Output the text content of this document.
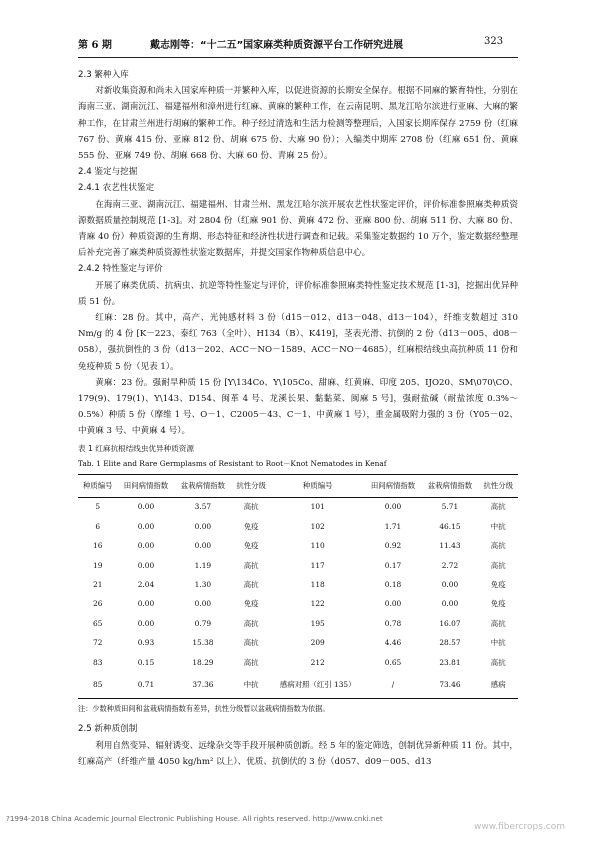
第 6 期	戴志刚等：“十二五”国家麻类种质资源平台工作研究进展	323

2.3 繁种入库

对新收集资源和尚未入国家库种质一并繁种入库，以促进资源的长期安全保存。根据不同麻的繁育特性，分别在海南三亚、湖南沅江、福建福州和漳州进行红麻、黄麻的繁种工作，在云南昆明、黑龙江哈尔滨进行亚麻、大麻的繁种工作，在甘肃兰州进行胡麻的繁种工作。种子经过清选和生活力检测等整理后，入国家长期库保存 2759 份（红麻 767 份、黄麻 415 份、亚麻 812 份、胡麻 675 份、大麻 90 份）；入编类中期库 2708 份（红麻 651 份、黄麻 555 份、亚麻 749 份、胡麻 668 份、大麻 60 份、青麻 25 份）。

2.4 鉴定与挖掘

2.4.1 农艺性状鉴定

在海南三亚、湖南沅江、福建福州、甘肃兰州、黑龙江哈尔滨开展农艺性状鉴定评价，评价标准参照麻类种质资源数据质量控制规范 [1-3]。对 2804 份（红麻 901 份、黄麻 472 份、亚麻 800 份、胡麻 511 份、大麻 80 份、青麻 40 份）种质资源的生育期、形态特征和经济性状进行调查和记载。采集鉴定数据约 10 万个，鉴定数据经整理后补充完善了麻类种质资源性状鉴定数据库，并提交国家作物种质信息中心。

2.4.2 特性鉴定与评价

开展了麻类优质、抗病虫、抗逆等特性鉴定与评价，评价标准参照麻类特性鉴定技术规范 [1-3]，挖掘出优异种质 51 份。

红麻：28 份。其中，高产、光钝感材料 3 份（d15－012、d13－048、d13－104），纤维支数超过 310 Nm/g 的 4 份 [K－223、泰红 763（全叶）、H134（B）、K419]，茎表光滑、抗倒的 2 份（d13－005、d08－058），强抗倒性的 3 份（d13－202、ACC－NO－1589、ACC－NO－4685），红麻根结线虫高抗种质 11 份和免疫种质 5 份（见表 1）。

黄麻：23 份。强耐旱种质 15 份 [Y\134Co、Y\105Co、甜麻、红黄麻、印度 205、IJO20、SM\070\CO、179(9)、179(1)、Y\143、D154、闽革 4 号、龙溪长果、黏黏菜、闽麻 5 号]，强耐盐碱（耐盐浓度 0.3%～0.5%）种质 5 份（摩维 1 号、O－1、C2005－43、C－1、中黄麻 1 号），重金属吸附力强的 3 份（Y05－02、中黄麻 3 号、中黄麻 4 号）。

表 1 红麻抗根结线虫优异种质资源
Tab. 1 Elite and Rare Germplasms of Resistant to Root－Knot Nematodes in Kenaf
种质编号	田间病情指数	盆栽病情指数	抗性分级	种质编号	田间病情指数	盆栽病情指数	抗性分级
5	0.00	3.57	高抗	101	0.00	5.71	高抗
6	0.00	0.00	免疫	102	1.71	46.15	中抗
16	0.00	0.00	免疫	110	0.92	11.43	高抗
19	0.00	1.19	高抗	117	0.17	2.72	高抗
21	2.04	1.30	高抗	118	0.18	0.00	免疫
26	0.00	0.00	免疫	122	0.00	0.00	免疫
65	0.00	0.79	高抗	195	0.78	16.07	高抗
72	0.93	15.38	高抗	209	4.46	28.57	中抗
83	0.15	18.29	高抗	212	0.65	23.81	高抗
85	0.71	37.36	中抗	感病对照（红引 135）	/	73.46	感病
注：少数种质田间和盆栽病情指数有差异，抗性分级暂以盆栽病情指数为依据。

2.5 新种质创制

利用自然变异、辐射诱变、远缘杂交等手段开展种质创新。经 5 年的鉴定筛选，创制优异新种质 11 份。其中，红麻高产（纤维产量 4050 kg/hm² 以上）、优质、抗倒伏的 3 份（d057、d09－005、d13

?1994-2018 China Academic Journal Electronic Publishing House. All rights reserved. http://www.cnki.net
www.fibercrops.com
